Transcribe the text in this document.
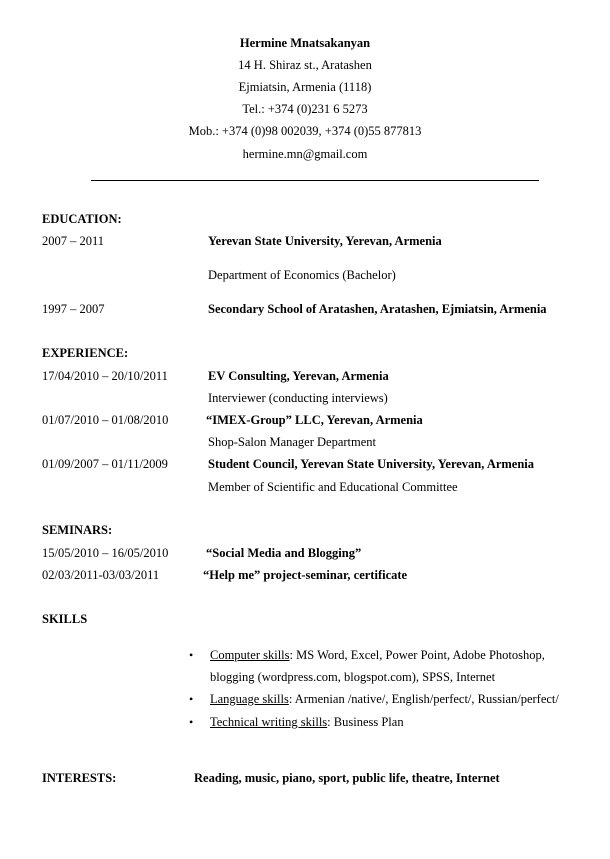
Hermine Mnatsakanyan
14 H. Shiraz st., Aratashen
Ejmiatsin, Armenia (1118)
Tel.: +374 (0)231 6 5273
Mob.: +374 (0)98 002039, +374 (0)55 877813
hermine.mn@gmail.com
EDUCATION:
2007 – 2011	Yerevan State University, Yerevan, Armenia
Department of Economics (Bachelor)
1997 – 2007	Secondary School of Aratashen, Aratashen, Ejmiatsin, Armenia
EXPERIENCE:
17/04/2010 – 20/10/2011	EV Consulting, Yerevan, Armenia
Interviewer (conducting interviews)
01/07/2010 – 01/08/2010	“IMEX-Group” LLC, Yerevan, Armenia
Shop-Salon Manager Department
01/09/2007 – 01/11/2009	Student Council, Yerevan State University, Yerevan, Armenia
Member of Scientific and Educational Committee
SEMINARS:
15/05/2010 – 16/05/2010	“Social Media and Blogging”
02/03/2011-03/03/2011	“Help me” project-seminar, certificate
SKILLS
• Computer skills: MS Word, Excel, Power Point, Adobe Photoshop,
blogging (wordpress.com, blogspot.com), SPSS, Internet
• Language skills: Armenian /native/, English/perfect/, Russian/perfect/
• Technical writing skills: Business Plan
INTERESTS:	Reading, music, piano, sport, public life, theatre, Internet
